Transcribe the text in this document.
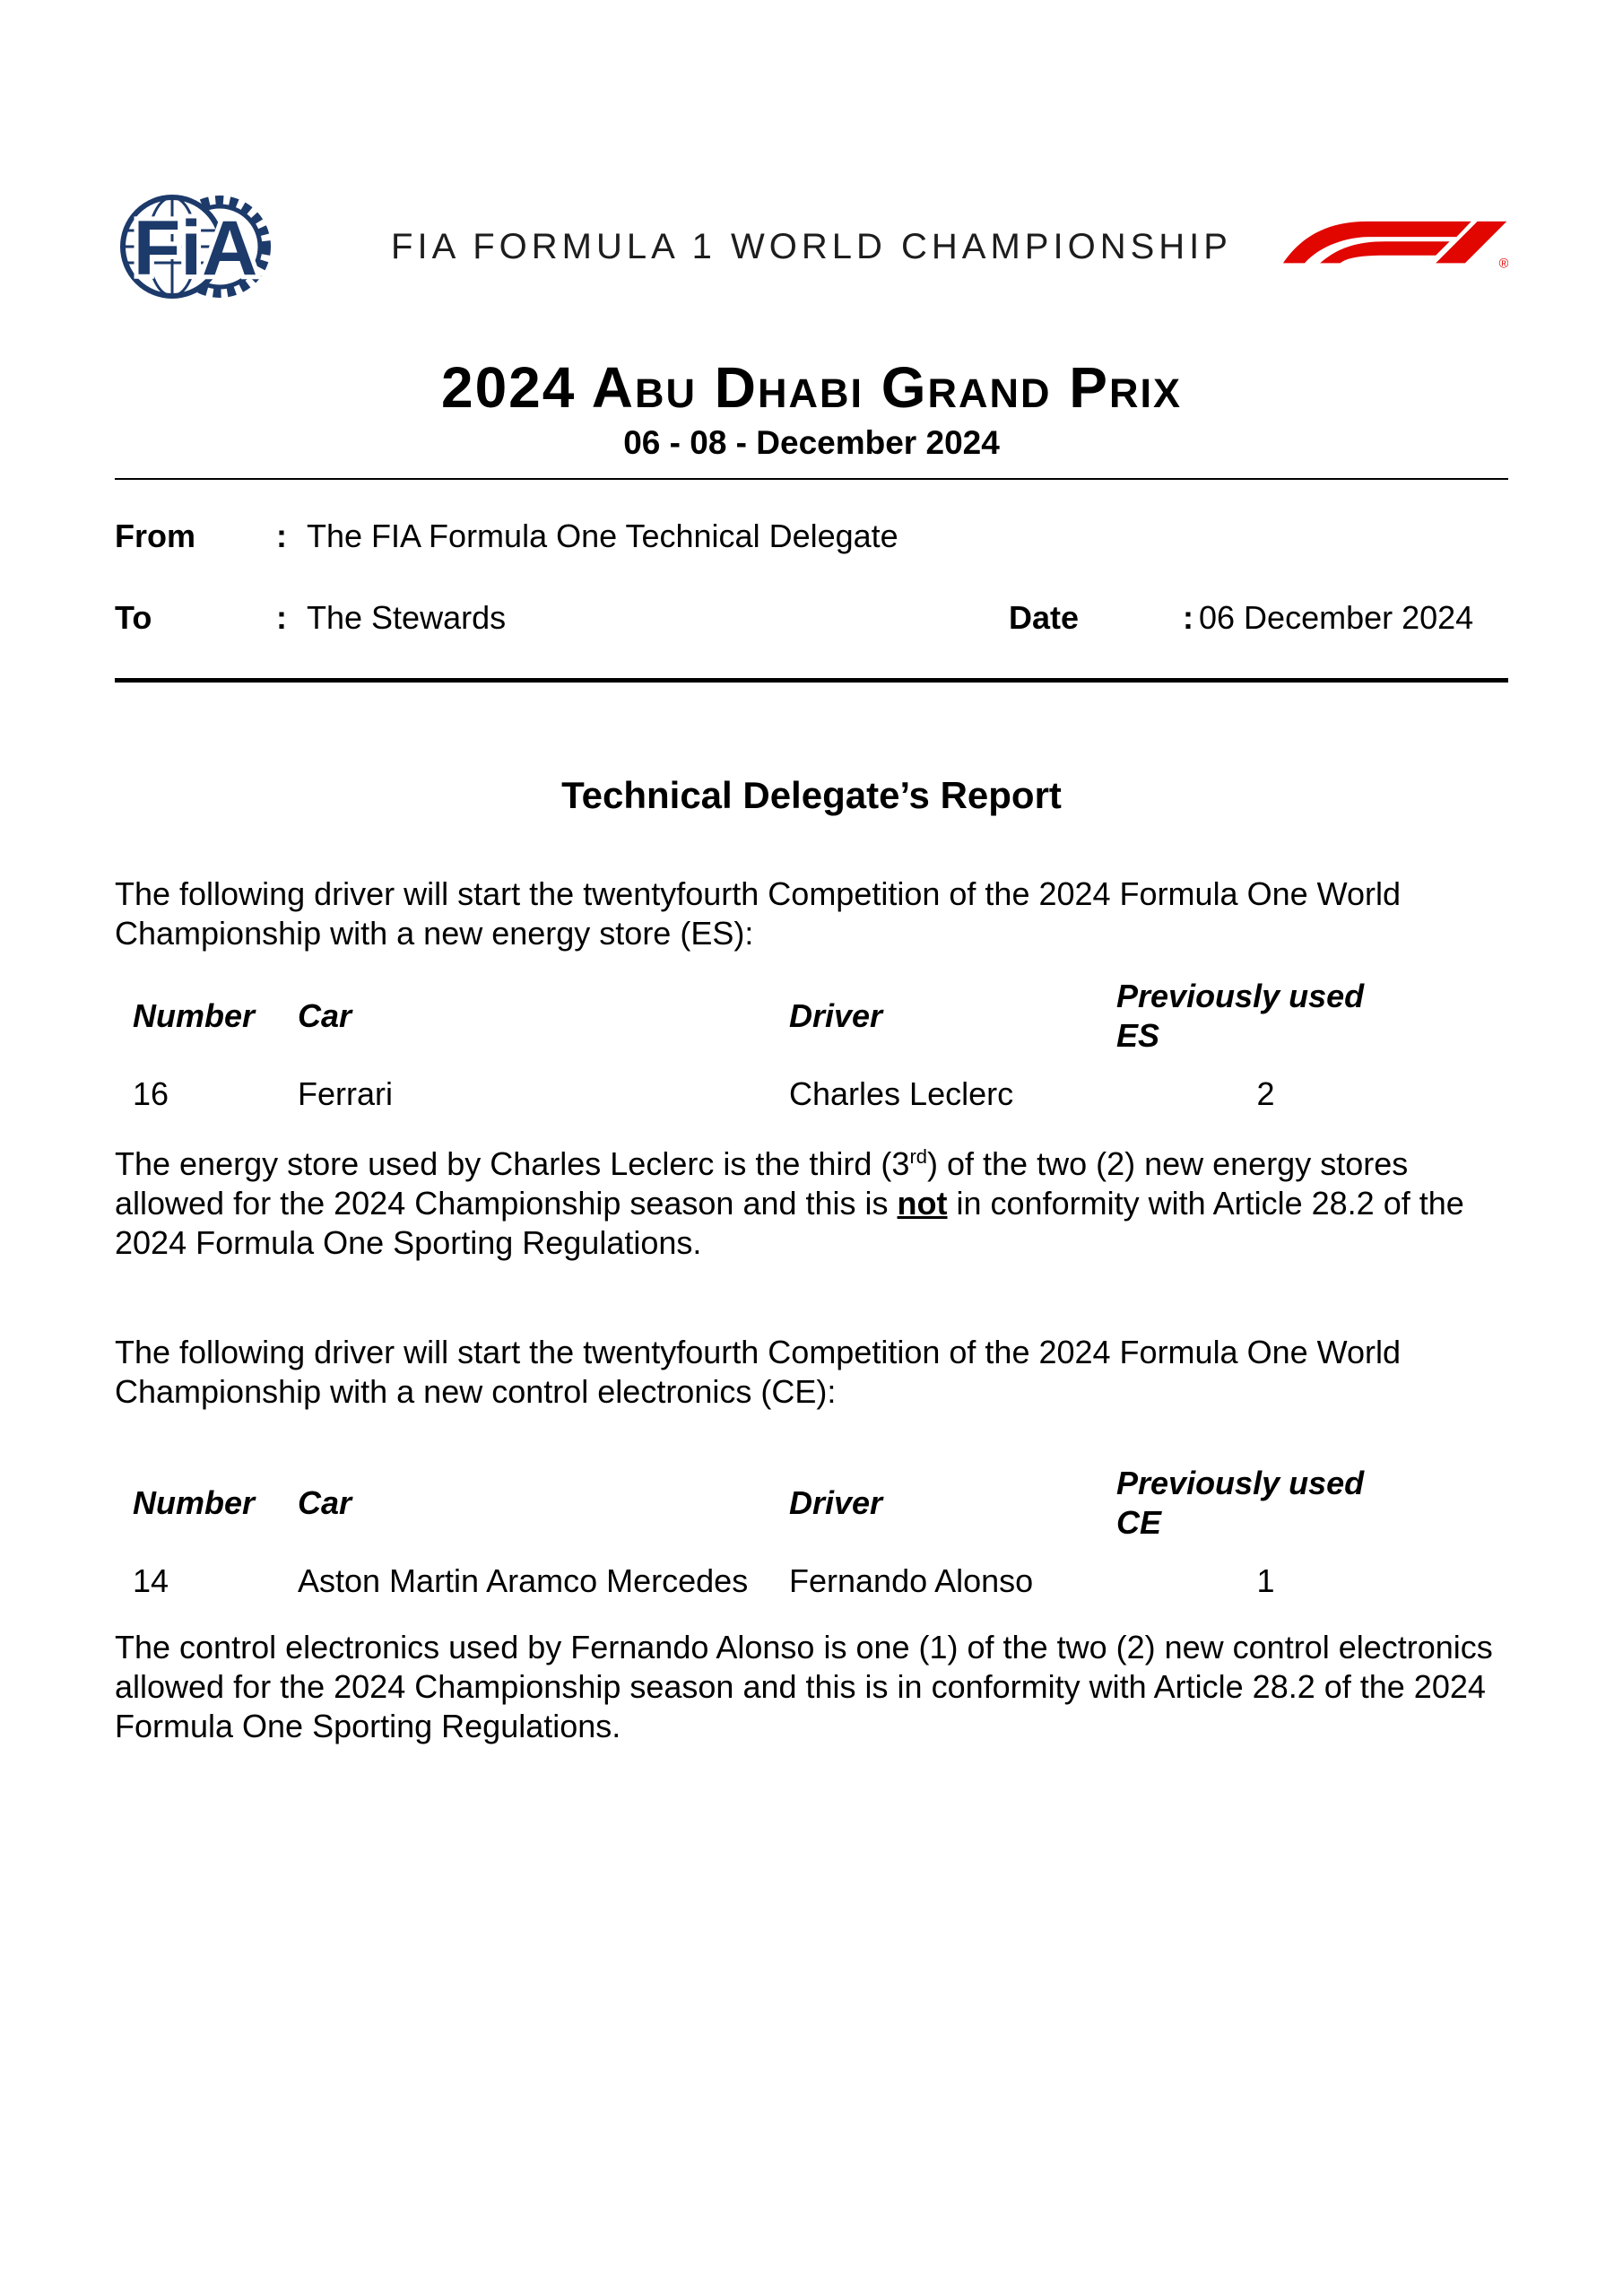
FiA	FIA FORMULA 1 WORLD CHAMPIONSHIP	®
2024 Abu Dhabi Grand Prix
06 - 08 - December 2024
From	: The FIA Formula One Technical Delegate
To	: The Stewards	Date	: 06 December 2024
Technical Delegate’s Report

The following driver will start the twentyfourth Competition of the 2024 Formula One World Championship with a new energy store (ES):

Number	Car	Driver	Previously used ES
16	Ferrari	Charles Leclerc	2

The energy store used by Charles Leclerc is the third (3rd) of the two (2) new energy stores allowed for the 2024 Championship season and this is not in conformity with Article 28.2 of the 2024 Formula One Sporting Regulations.

The following driver will start the twentyfourth Competition of the 2024 Formula One World Championship with a new control electronics (CE):

Number	Car	Driver	Previously used CE
14	Aston Martin Aramco Mercedes	Fernando Alonso	1

The control electronics used by Fernando Alonso is one (1) of the two (2) new control electronics allowed for the 2024 Championship season and this is in conformity with Article 28.2 of the 2024 Formula One Sporting Regulations.
